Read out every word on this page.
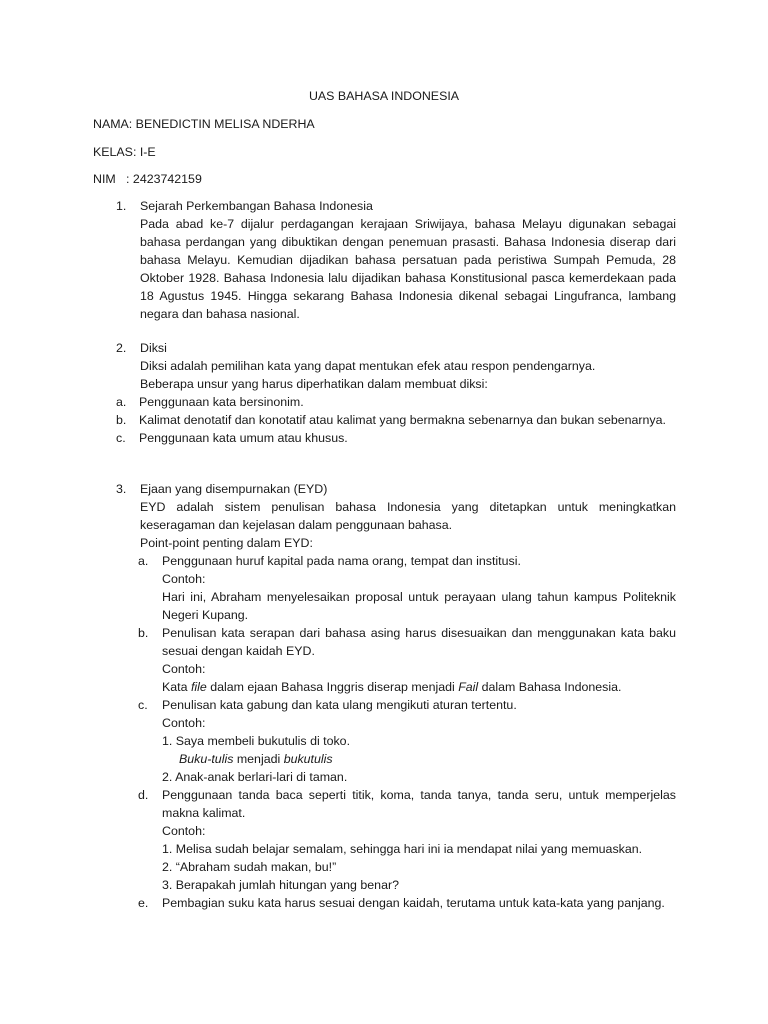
UAS BAHASA INDONESIA
NAMA: BENEDICTIN MELISA NDERHA
KELAS: I-E
NIM   : 2423742159
1. Sejarah Perkembangan Bahasa Indonesia
Pada abad ke-7 dijalur perdagangan kerajaan Sriwijaya, bahasa Melayu digunakan sebagai bahasa perdangan yang dibuktikan dengan penemuan prasasti. Bahasa Indonesia diserap dari bahasa Melayu. Kemudian dijadikan bahasa persatuan pada peristiwa Sumpah Pemuda, 28 Oktober 1928. Bahasa Indonesia lalu dijadikan bahasa Konstitusional pasca kemerdekaan pada 18 Agustus 1945. Hingga sekarang Bahasa Indonesia dikenal sebagai Lingufranca, lambang negara dan bahasa nasional.
2. Diksi
Diksi adalah pemilihan kata yang dapat mentukan efek atau respon pendengarnya.
Beberapa unsur yang harus diperhatikan dalam membuat diksi:
a. Penggunaan kata bersinonim.
b. Kalimat denotatif dan konotatif atau kalimat yang bermakna sebenarnya dan bukan sebenarnya.
c. Penggunaan kata umum atau khusus.
3. Ejaan yang disempurnakan (EYD)
EYD adalah sistem penulisan bahasa Indonesia yang ditetapkan untuk meningkatkan keseragaman dan kejelasan dalam penggunaan bahasa.
Point-point penting dalam EYD:
a. Penggunaan huruf kapital pada nama orang, tempat dan institusi.
Contoh:
Hari ini, Abraham menyelesaikan proposal untuk perayaan ulang tahun kampus Politeknik Negeri Kupang.
b. Penulisan kata serapan dari bahasa asing harus disesuaikan dan menggunakan kata baku sesuai dengan kaidah EYD.
Contoh:
Kata file dalam ejaan Bahasa Inggris diserap menjadi Fail dalam Bahasa Indonesia.
c. Penulisan kata gabung dan kata ulang mengikuti aturan tertentu.
Contoh:
1. Saya membeli bukutulis di toko.
Buku-tulis menjadi bukutulis
2. Anak-anak berlari-lari di taman.
d. Penggunaan tanda baca seperti titik, koma, tanda tanya, tanda seru, untuk memperjelas makna kalimat.
Contoh:
1. Melisa sudah belajar semalam, sehingga hari ini ia mendapat nilai yang memuaskan.
2. “Abraham sudah makan, bu!”
3. Berapakah jumlah hitungan yang benar?
e. Pembagian suku kata harus sesuai dengan kaidah, terutama untuk kata-kata yang panjang.
